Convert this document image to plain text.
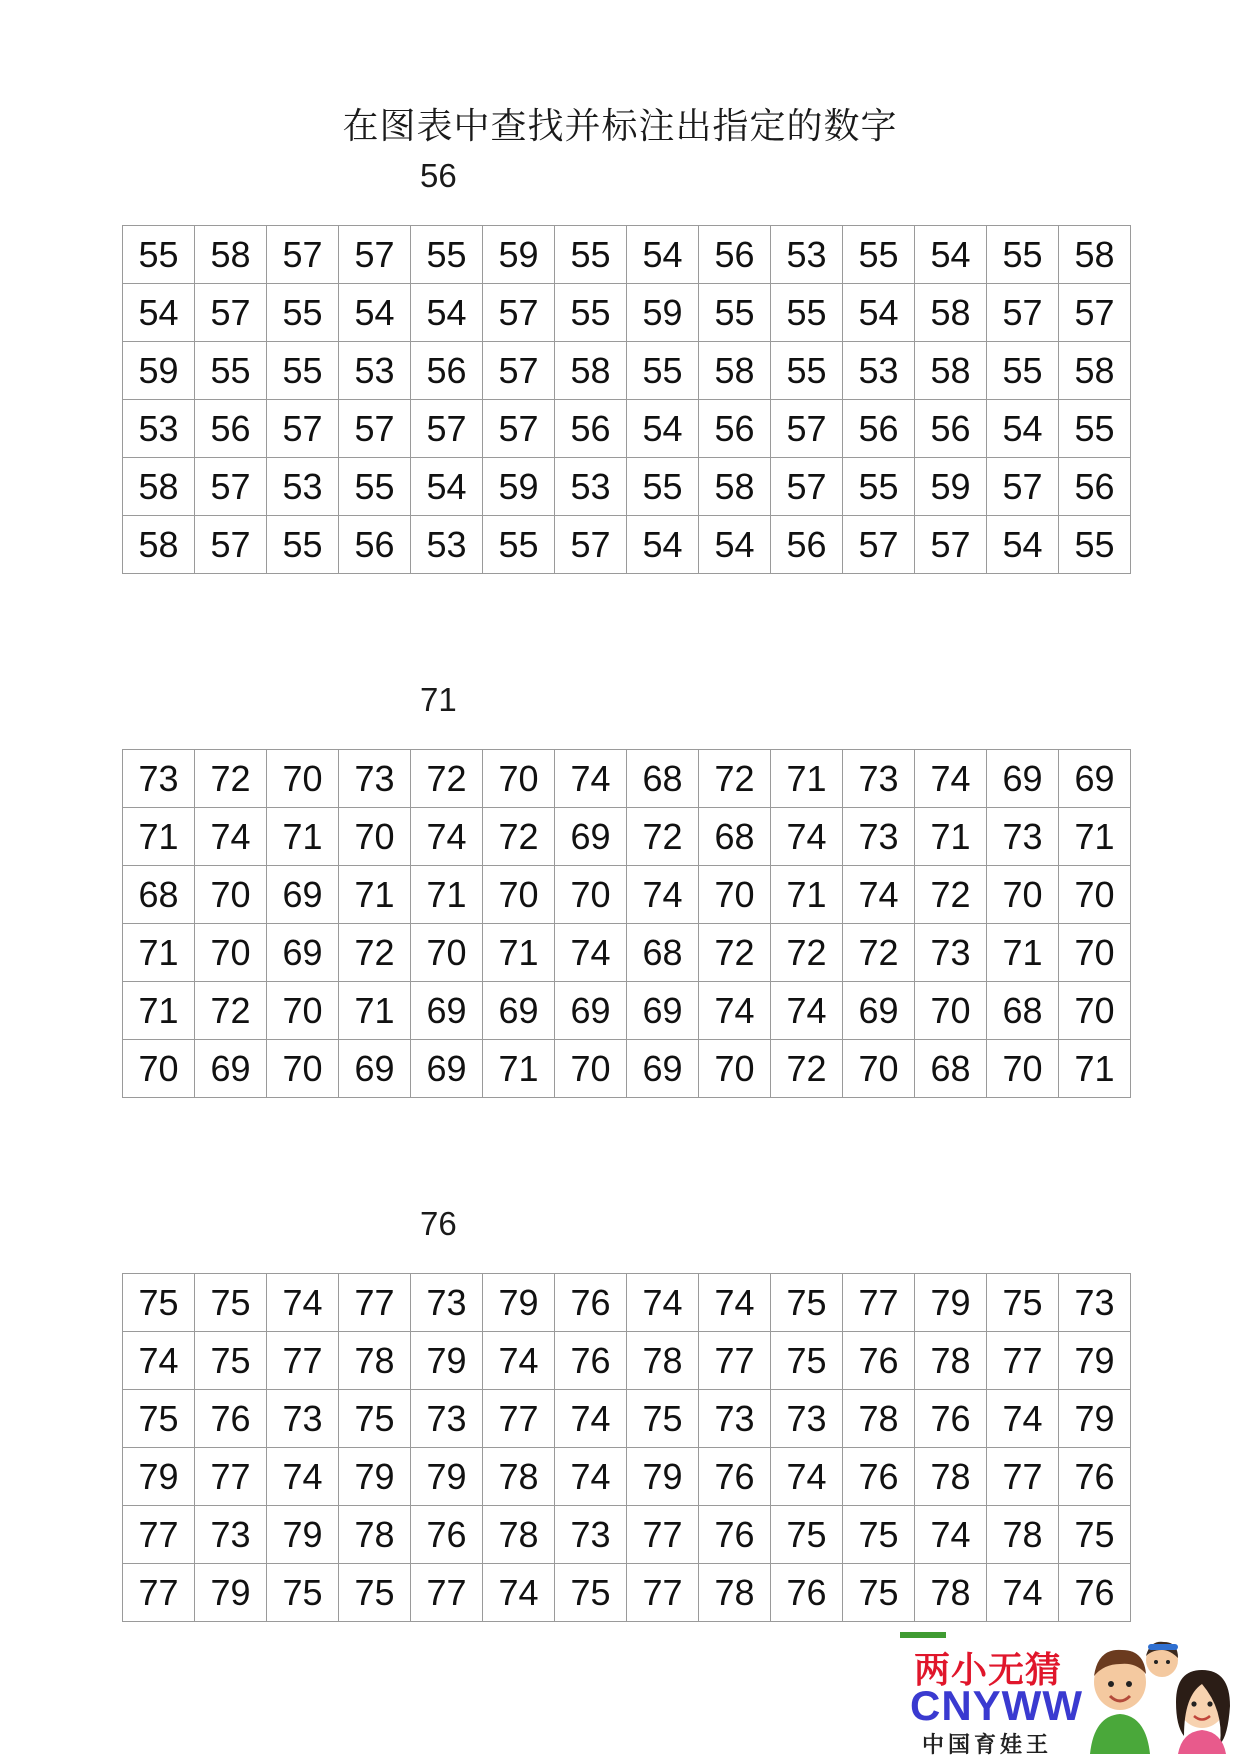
在图表中查找并标注出指定的数字
56
55	58	57	57	55	59	55	54	56	53	55	54	55	58
54	57	55	54	54	57	55	59	55	55	54	58	57	57
59	55	55	53	56	57	58	55	58	55	53	58	55	58
53	56	57	57	57	57	56	54	56	57	56	56	54	55
58	57	53	55	54	59	53	55	58	57	55	59	57	56
58	57	55	56	53	55	57	54	54	56	57	57	54	55
71
73	72	70	73	72	70	74	68	72	71	73	74	69	69
71	74	71	70	74	72	69	72	68	74	73	71	73	71
68	70	69	71	71	70	70	74	70	71	74	72	70	70
71	70	69	72	70	71	74	68	72	72	72	73	71	70
71	72	70	71	69	69	69	69	74	74	69	70	68	70
70	69	70	69	69	71	70	69	70	72	70	68	70	71
76
75	75	74	77	73	79	76	74	74	75	77	79	75	73
74	75	77	78	79	74	76	78	77	75	76	78	77	79
75	76	73	75	73	77	74	75	73	73	78	76	74	79
79	77	74	79	79	78	74	79	76	74	76	78	77	76
77	73	79	78	76	78	73	77	76	75	75	74	78	75
77	79	75	75	77	74	75	77	78	76	75	78	74	76
两小无猜
CNYWW
中国育娃王
